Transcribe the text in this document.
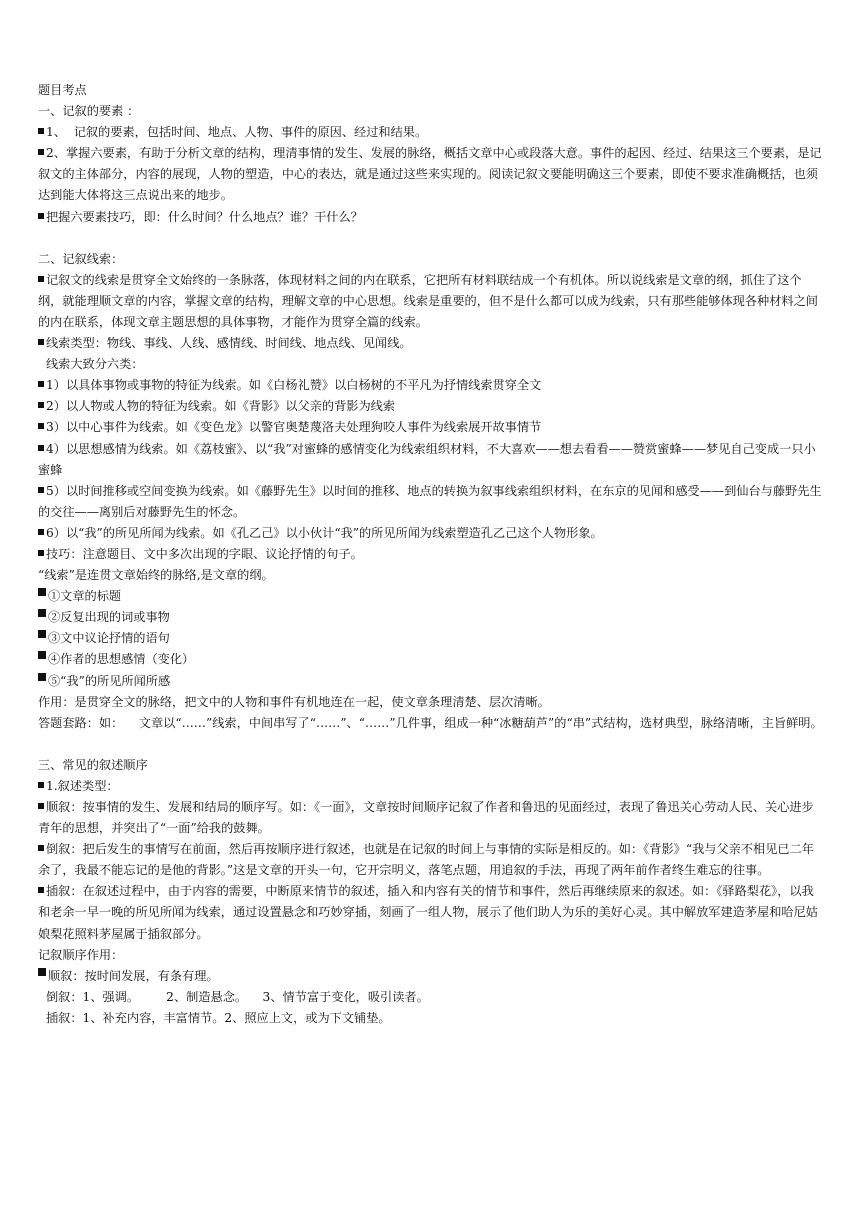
题目考点

一、记叙的要素 ：

1、  记叙的要素，包括时间、地点、人物、事件的原因、经过和结果。

2、掌握六要素，有助于分析文章的结构，理清事情的发生、发展的脉络，概括文章中心或段落大意。事件的起因、经过、结果这三个要素，是记叙文的主体部分，内容的展现，人物的塑造，中心的表达，就是通过这些来实现的。阅读记叙文要能明确这三个要素，即使不要求准确概括，也须达到能大体将这三点说出来的地步。

把握六要素技巧，即：什么时间？什么地点？谁？干什么？

二、记叙线索：

记叙文的线索是贯穿全文始终的一条脉落，体现材料之间的内在联系，它把所有材料联结成一个有机体。所以说线索是文章的纲，抓住了这个纲，就能理顺文章的内容，掌握文章的结构，理解文章的中心思想。线索是重要的，但不是什么都可以成为线索，只有那些能够体现各种材料之间的内在联系，体现文章主题思想的具体事物，才能作为贯穿全篇的线索。

线索类型：物线、事线、人线、感情线、时间线、地点线、见闻线。

线索大致分六类：

1）以具体事物或事物的特征为线索。如《白杨礼赞》以白杨树的不平凡为抒情线索贯穿全文

2）以人物或人物的特征为线索。如《背影》以父亲的背影为线索

3）以中心事件为线索。如《变色龙》以警官奥楚蔑洛夫处理狗咬人事件为线索展开故事情节

4）以思想感情为线索。如《荔枝蜜》、以“我”对蜜蜂的感情变化为线索组织材料，不大喜欢——想去看看——赞赏蜜蜂——梦见自己变成一只小蜜蜂

5）以时间推移或空间变换为线索。如《藤野先生》以时间的推移、地点的转换为叙事线索组织材料，在东京的见闻和感受——到仙台与藤野先生的交往——离别后对藤野先生的怀念。

6）以“我”的所见所闻为线索。如《孔乙己》以小伙计“我”的所见所闻为线索塑造孔乙己这个人物形象。

技巧：注意题目、文中多次出现的字眼、议论抒情的句子。

“线索”是连贯文章始终的脉络,是文章的纲。

①文章的标题

②反复出现的词或事物

③文中议论抒情的语句

④作者的思想感情（变化）

⑤“我”的所见所闻所感

作用：是贯穿全文的脉络，把文中的人物和事件有机地连在一起，使文章条理清楚、层次清晰。

答题套路：如：    文章以“……”线索，中间串写了“……”、“……”几件事，组成一种“冰糖葫芦”的“串”式结构，选材典型，脉络清晰，主旨鲜明。

三、常见的叙述顺序

1.叙述类型：

顺叙：按事情的发生、发展和结局的顺序写。如：《一面》，文章按时间顺序记叙了作者和鲁迅的见面经过，表现了鲁迅关心劳动人民、关心进步青年的思想，并突出了“一面”给我的鼓舞。

倒叙：把后发生的事情写在前面，然后再按顺序进行叙述，也就是在记叙的时间上与事情的实际是相反的。如：《背影》“我与父亲不相见已二年余了，我最不能忘记的是他的背影。”这是文章的开头一句，它开宗明义，落笔点题，用追叙的手法，再现了两年前作者终生难忘的往事。

插叙：在叙述过程中，由于内容的需要，中断原来情节的叙述，插入和内容有关的情节和事件，然后再继续原来的叙述。如：《驿路梨花》，以我和老余一早一晚的所见所闻为线索，通过设置悬念和巧妙穿插，刻画了一组人物，展示了他们助人为乐的美好心灵。其中解放军建造茅屋和哈尼姑娘梨花照料茅屋属于插叙部分。

记叙顺序作用：

顺叙：按时间发展，有条有理。

倒叙：1、强调。       2、制造悬念。    3、情节富于变化，吸引读者。

插叙：1、补充内容，丰富情节。2、照应上文，或为下文铺垫。
